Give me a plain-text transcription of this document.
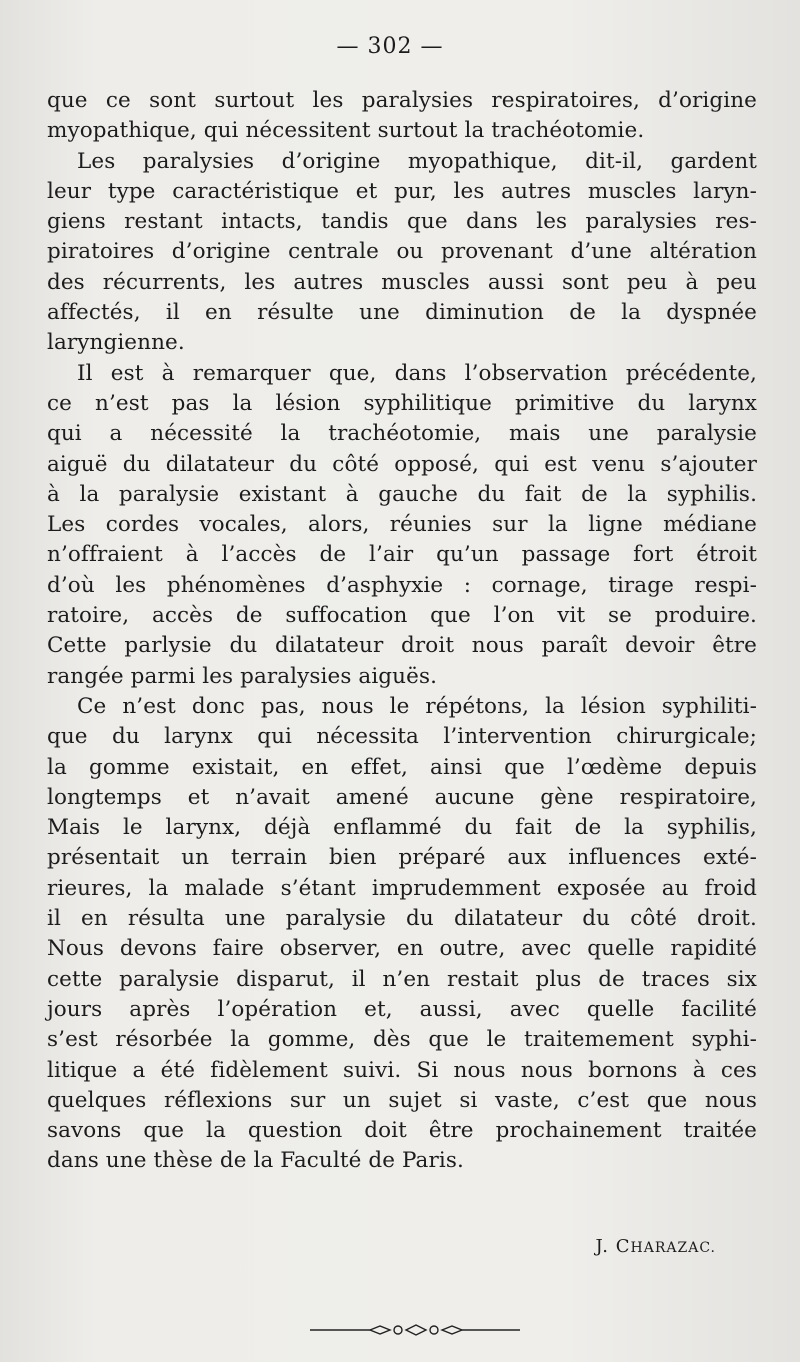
— 302 —
que ce sont surtout les paralysies respiratoires, d’origine
myopathique, qui nécessitent surtout la trachéotomie.
Les paralysies d’origine myopathique, dit-il, gardent
leur type caractéristique et pur, les autres muscles laryn-
giens restant intacts, tandis que dans les paralysies res-
piratoires d’origine centrale ou provenant d’une altération
des récurrents, les autres muscles aussi sont peu à peu
affectés, il en résulte une diminution de la dyspnée
laryngienne.
Il est à remarquer que, dans l’observation précédente,
ce n’est pas la lésion syphilitique primitive du larynx
qui a nécessité la trachéotomie, mais une paralysie
aiguë du dilatateur du côté opposé, qui est venu s’ajouter
à la paralysie existant à gauche du fait de la syphilis.
Les cordes vocales, alors, réunies sur la ligne médiane
n’offraient à l’accès de l’air qu’un passage fort étroit
d’où les phénomènes d’asphyxie : cornage, tirage respi-
ratoire, accès de suffocation que l’on vit se produire.
Cette parlysie du dilatateur droit nous paraît devoir être
rangée parmi les paralysies aiguës.
Ce n’est donc pas, nous le répétons, la lésion syphiliti-
que du larynx qui nécessita l’intervention chirurgicale;
la gomme existait, en effet, ainsi que l’œdème depuis
longtemps et n’avait amené aucune gène respiratoire,
Mais le larynx, déjà enflammé du fait de la syphilis,
présentait un terrain bien préparé aux influences exté-
rieures, la malade s’étant imprudemment exposée au froid
il en résulta une paralysie du dilatateur du côté droit.
Nous devons faire observer, en outre, avec quelle rapidité
cette paralysie disparut, il n’en restait plus de traces six
jours après l’opération et, aussi, avec quelle facilité
s’est résorbée la gomme, dès que le traitemement syphi-
litique a été fidèlement suivi. Si nous nous bornons à ces
quelques réflexions sur un sujet si vaste, c’est que nous
savons que la question doit être prochainement traitée
dans une thèse de la Faculté de Paris.
J. CHARAZAC.
